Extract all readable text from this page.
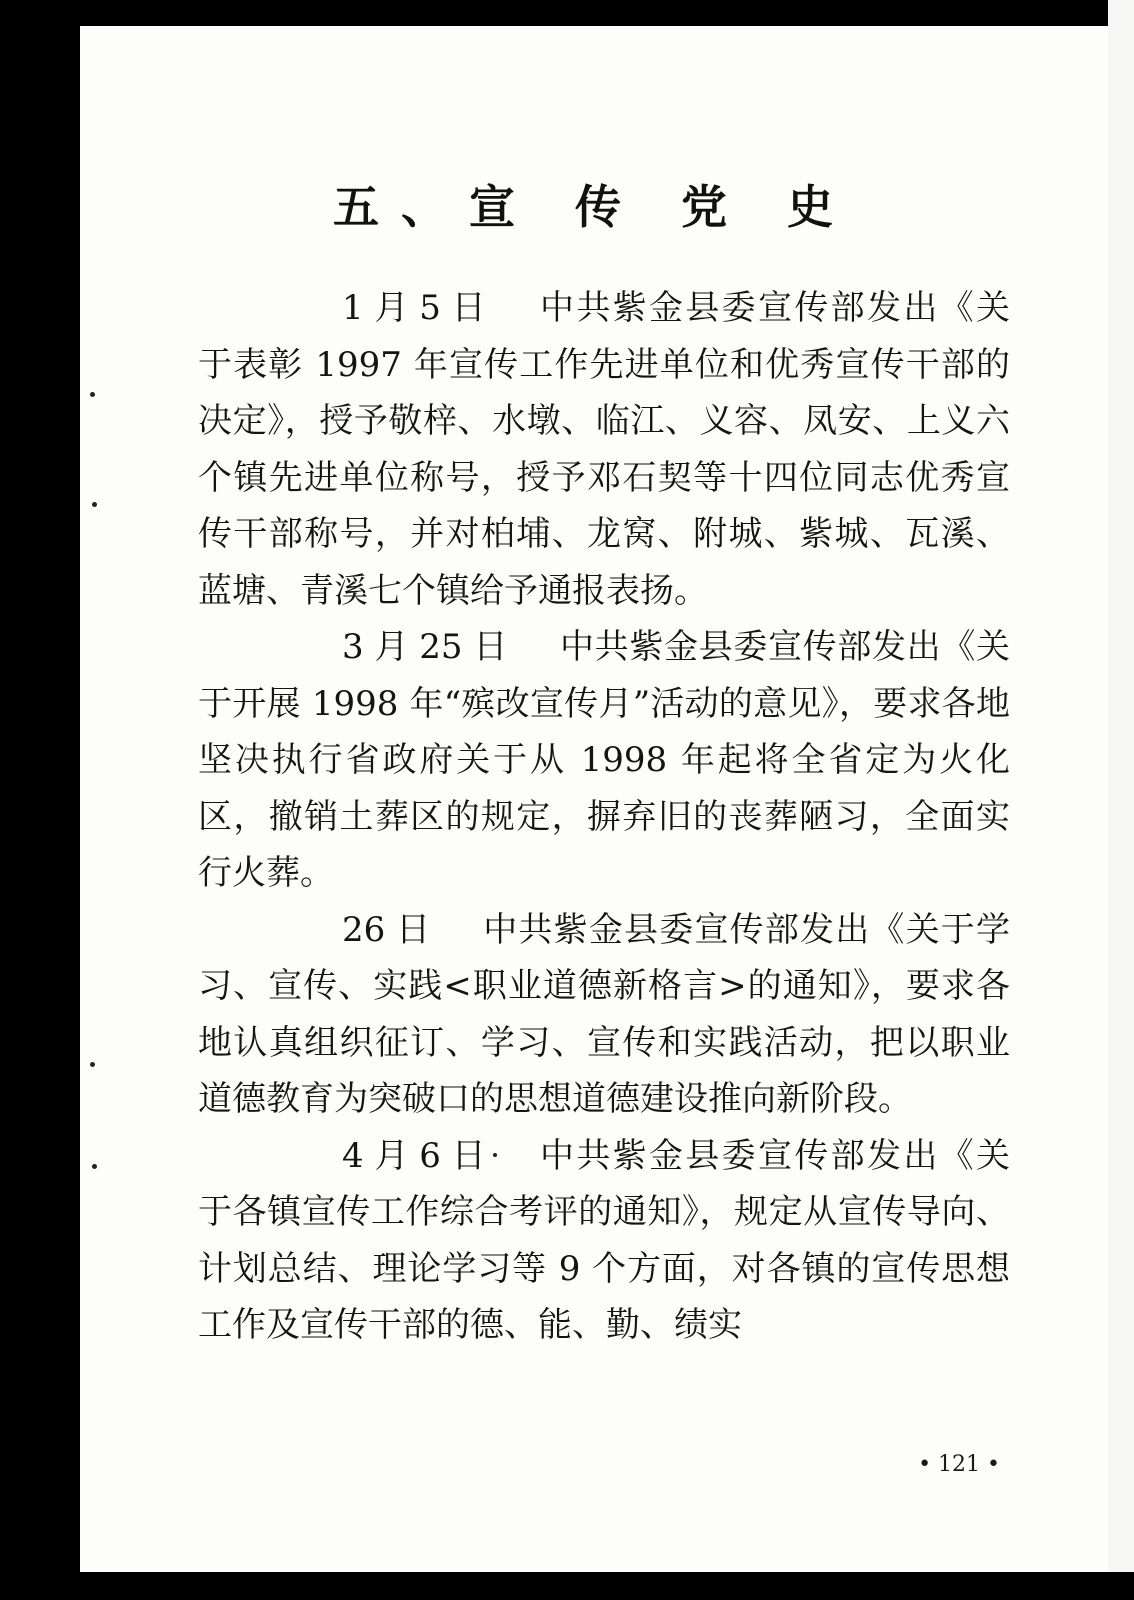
五、宣 传 党 史

1 月 5 日 中共紫金县委宣传部发出《关于表彰 1997 年宣传工作先进单位和优秀宣传干部的决定》，授予敬梓、水墩、临江、义容、凤安、上义六个镇先进单位称号，授予邓石契等十四位同志优秀宣传干部称号，并对柏埔、龙窝、附城、紫城、瓦溪、蓝塘、青溪七个镇给予通报表扬。

3 月 25 日 中共紫金县委宣传部发出《关于开展 1998 年“殡改宣传月”活动的意见》，要求各地坚决执行省政府关于从 1998 年起将全省定为火化区，撤销土葬区的规定，摒弃旧的丧葬陋习，全面实行火葬。

26 日 中共紫金县委宣传部发出《关于学习、宣传、实践<职业道德新格言>的通知》，要求各地认真组织征订、学习、宣传和实践活动，把以职业道德教育为突破口的思想道德建设推向新阶段。

4 月 6 日 中共紫金县委宣传部发出《关于各镇宣传工作综合考评的通知》，规定从宣传导向、计划总结、理论学习等 9 个方面，对各镇的宣传思想工作及宣传干部的德、能、勤、绩实

• 121 •
